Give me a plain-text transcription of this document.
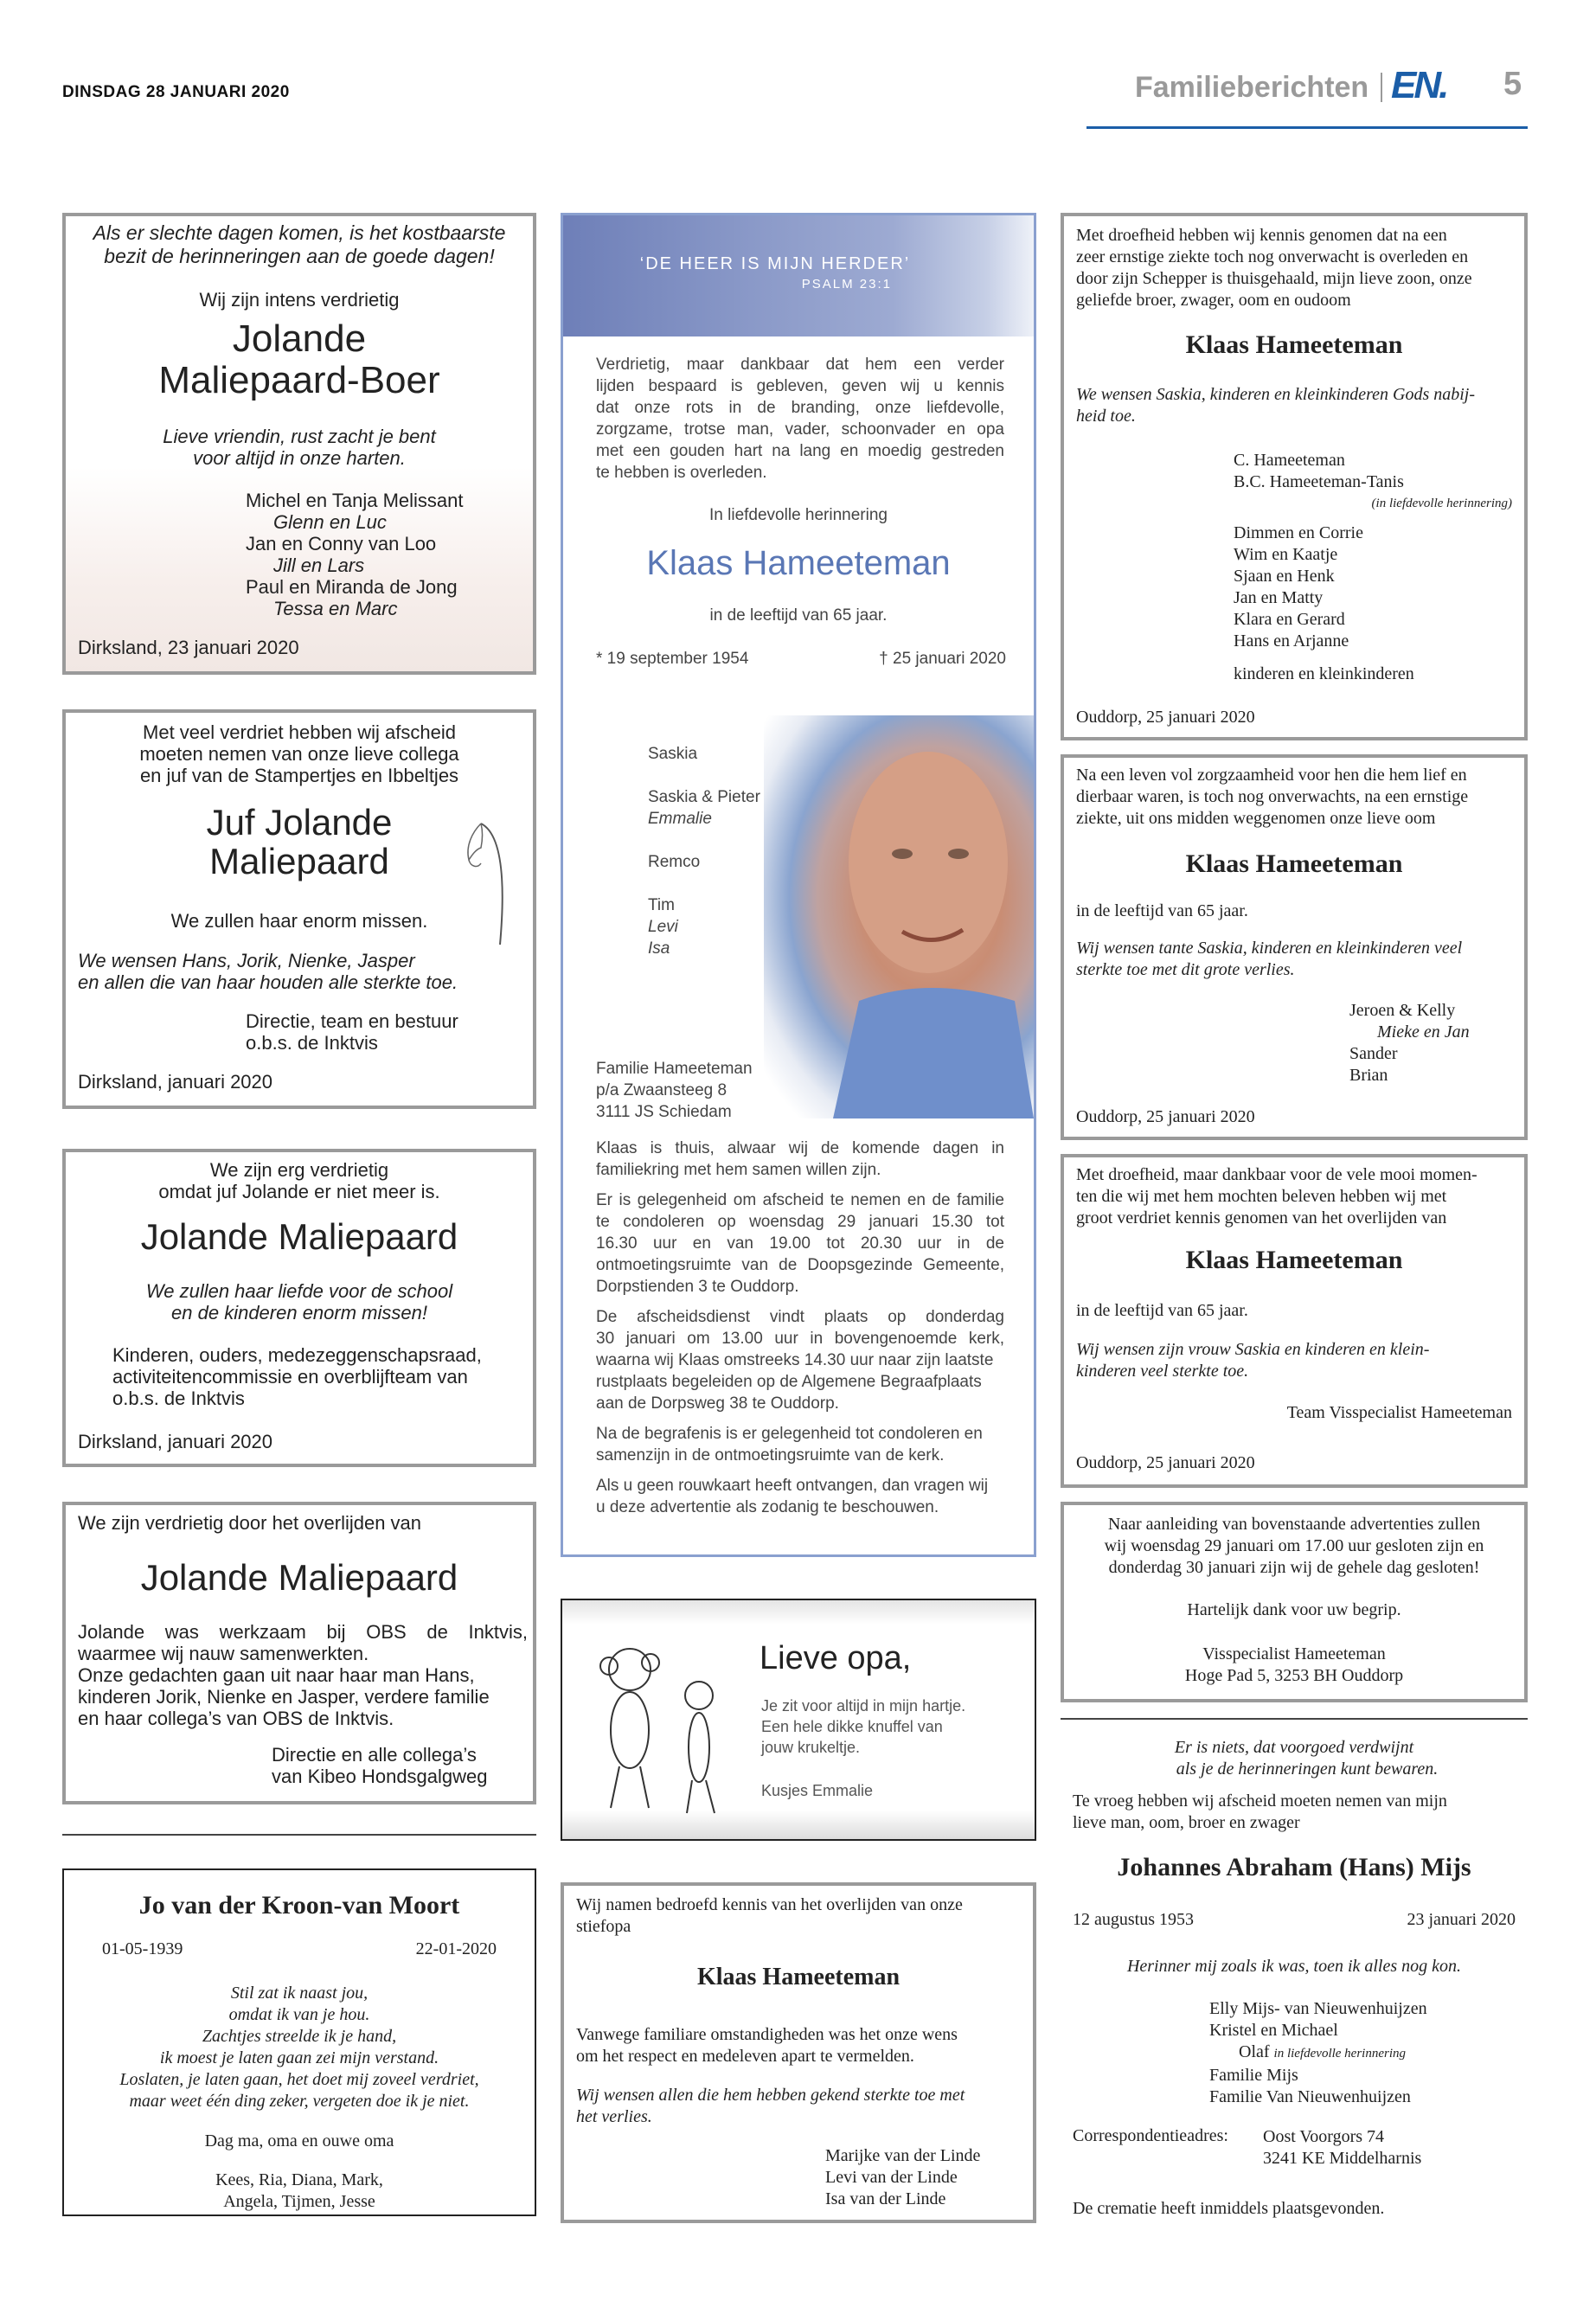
DINSDAG 28 JANUARI 2020	Familieberichten EN. 5
Als er slechte dagen komen, is het kostbaarste
bezit de herinneringen aan de goede dagen!
Wij zijn intens verdrietig
Jolande
Maliepaard-Boer
Lieve vriendin, rust zacht je bent
voor altijd in onze harten.
Michel en Tanja Melissant
Glenn en Luc
Jan en Conny van Loo
Jill en Lars
Paul en Miranda de Jong
Tessa en Marc
Dirksland, 23 januari 2020
Met veel verdriet hebben wij afscheid
moeten nemen van onze lieve collega
en juf van de Stampertjes en Ibbeltjes
Juf Jolande
Maliepaard
We zullen haar enorm missen.
We wensen Hans, Jorik, Nienke, Jasper
en allen die van haar houden alle sterkte toe.
Directie, team en bestuur
o.b.s. de Inktvis
Dirksland, januari 2020
We zijn erg verdrietig
omdat juf Jolande er niet meer is.
Jolande Maliepaard
We zullen haar liefde voor de school
en de kinderen enorm missen!
Kinderen, ouders, medezeggenschapsraad,
activiteitencommissie en overblijfteam van
o.b.s. de Inktvis
Dirksland, januari 2020
We zijn verdrietig door het overlijden van
Jolande Maliepaard
Jolande was werkzaam bij OBS de Inktvis,
waarmee wij nauw samenwerkten.
Onze gedachten gaan uit naar haar man Hans,
kinderen Jorik, Nienke en Jasper, verdere familie
en haar collega’s van OBS de Inktvis.
Directie en alle collega’s
van Kibeo Hondsgalgweg
Jo van der Kroon-van Moort
01-05-1939	22-01-2020
Stil zat ik naast jou,
omdat ik van je hou.
Zachtjes streelde ik je hand,
ik moest je laten gaan zei mijn verstand.
Loslaten, je laten gaan, het doet mij zoveel verdriet,
maar weet één ding zeker, vergeten doe ik je niet.
Dag ma, oma en ouwe oma
Kees, Ria, Diana, Mark,
Angela, Tijmen, Jesse
‘DE HEER IS MIJN HERDER’
PSALM 23:1
Verdrietig, maar dankbaar dat hem een verder
lijden bespaard is gebleven, geven wij u kennis
dat onze rots in de branding, onze liefdevolle,
zorgzame, trotse man, vader, schoonvader en opa
met een gouden hart na lang en moedig gestreden
te hebben is overleden.
In liefdevolle herinnering
Klaas Hameeteman
in de leeftijd van 65 jaar.
* 19 september 1954	† 25 januari 2020
Saskia
Saskia & Pieter
Emmalie
Remco
Tim
Levi
Isa
Familie Hameeteman
p/a Zwaansteeg 8
3111 JS Schiedam
Klaas is thuis, alwaar wij de komende dagen in
familiekring met hem samen willen zijn.
Er is gelegenheid om afscheid te nemen en de familie
te condoleren op woensdag 29 januari 15.30 tot
16.30 uur en van 19.00 tot 20.30 uur in de
ontmoetingsruimte van de Doopsgezinde Gemeente,
Dorpstienden 3 te Ouddorp.
De afscheidsdienst vindt plaats op donderdag
30 januari om 13.00 uur in bovengenoemde kerk,
waarna wij Klaas omstreeks 14.30 uur naar zijn laatste
rustplaats begeleiden op de Algemene Begraafplaats
aan de Dorpsweg 38 te Ouddorp.
Na de begrafenis is er gelegenheid tot condoleren en
samenzijn in de ontmoetingsruimte van de kerk.
Als u geen rouwkaart heeft ontvangen, dan vragen wij
u deze advertentie als zodanig te beschouwen.
Lieve opa,
Je zit voor altijd in mijn hartje.
Een hele dikke knuffel van
jouw krukeltje.
Kusjes Emmalie
Wij namen bedroefd kennis van het overlijden van onze
stiefopa
Klaas Hameeteman
Vanwege familiare omstandigheden was het onze wens
om het respect en medeleven apart te vermelden.
Wij wensen allen die hem hebben gekend sterkte toe met
het verlies.
Marijke van der Linde
Levi van der Linde
Isa van der Linde
Met droefheid hebben wij kennis genomen dat na een
zeer ernstige ziekte toch nog onverwacht is overleden en
door zijn Schepper is thuisgehaald, mijn lieve zoon, onze
geliefde broer, zwager, oom en oudoom
Klaas Hameeteman
We wensen Saskia, kinderen en kleinkinderen Gods nabij-
heid toe.
C. Hameeteman
B.C. Hameeteman-Tanis
(in liefdevolle herinnering)
Dimmen en Corrie
Wim en Kaatje
Sjaan en Henk
Jan en Matty
Klara en Gerard
Hans en Arjanne
kinderen en kleinkinderen
Ouddorp, 25 januari 2020
Na een leven vol zorgzaamheid voor hen die hem lief en
dierbaar waren, is toch nog onverwachts, na een ernstige
ziekte, uit ons midden weggenomen onze lieve oom
Klaas Hameeteman
in de leeftijd van 65 jaar.
Wij wensen tante Saskia, kinderen en kleinkinderen veel
sterkte toe met dit grote verlies.
Jeroen & Kelly
Mieke en Jan
Sander
Brian
Ouddorp, 25 januari 2020
Met droefheid, maar dankbaar voor de vele mooi momen-
ten die wij met hem mochten beleven hebben wij met
groot verdriet kennis genomen van het overlijden van
Klaas Hameeteman
in de leeftijd van 65 jaar.
Wij wensen zijn vrouw Saskia en kinderen en klein-
kinderen veel sterkte toe.
Team Visspecialist Hameeteman
Ouddorp, 25 januari 2020
Naar aanleiding van bovenstaande advertenties zullen
wij woensdag 29 januari om 17.00 uur gesloten zijn en
donderdag 30 januari zijn wij de gehele dag gesloten!
Hartelijk dank voor uw begrip.
Visspecialist Hameeteman
Hoge Pad 5, 3253 BH Ouddorp
Er is niets, dat voorgoed verdwijnt
als je de herinneringen kunt bewaren.
Te vroeg hebben wij afscheid moeten nemen van mijn
lieve man, oom, broer en zwager
Johannes Abraham (Hans) Mijs
12 augustus 1953	23 januari 2020
Herinner mij zoals ik was, toen ik alles nog kon.
Elly Mijs- van Nieuwenhuijzen
Kristel en Michael
Olaf in liefdevolle herinnering
Familie Mijs
Familie Van Nieuwenhuijzen
Correspondentieadres: Oost Voorgors 74
3241 KE Middelharnis
De crematie heeft inmiddels plaatsgevonden.
